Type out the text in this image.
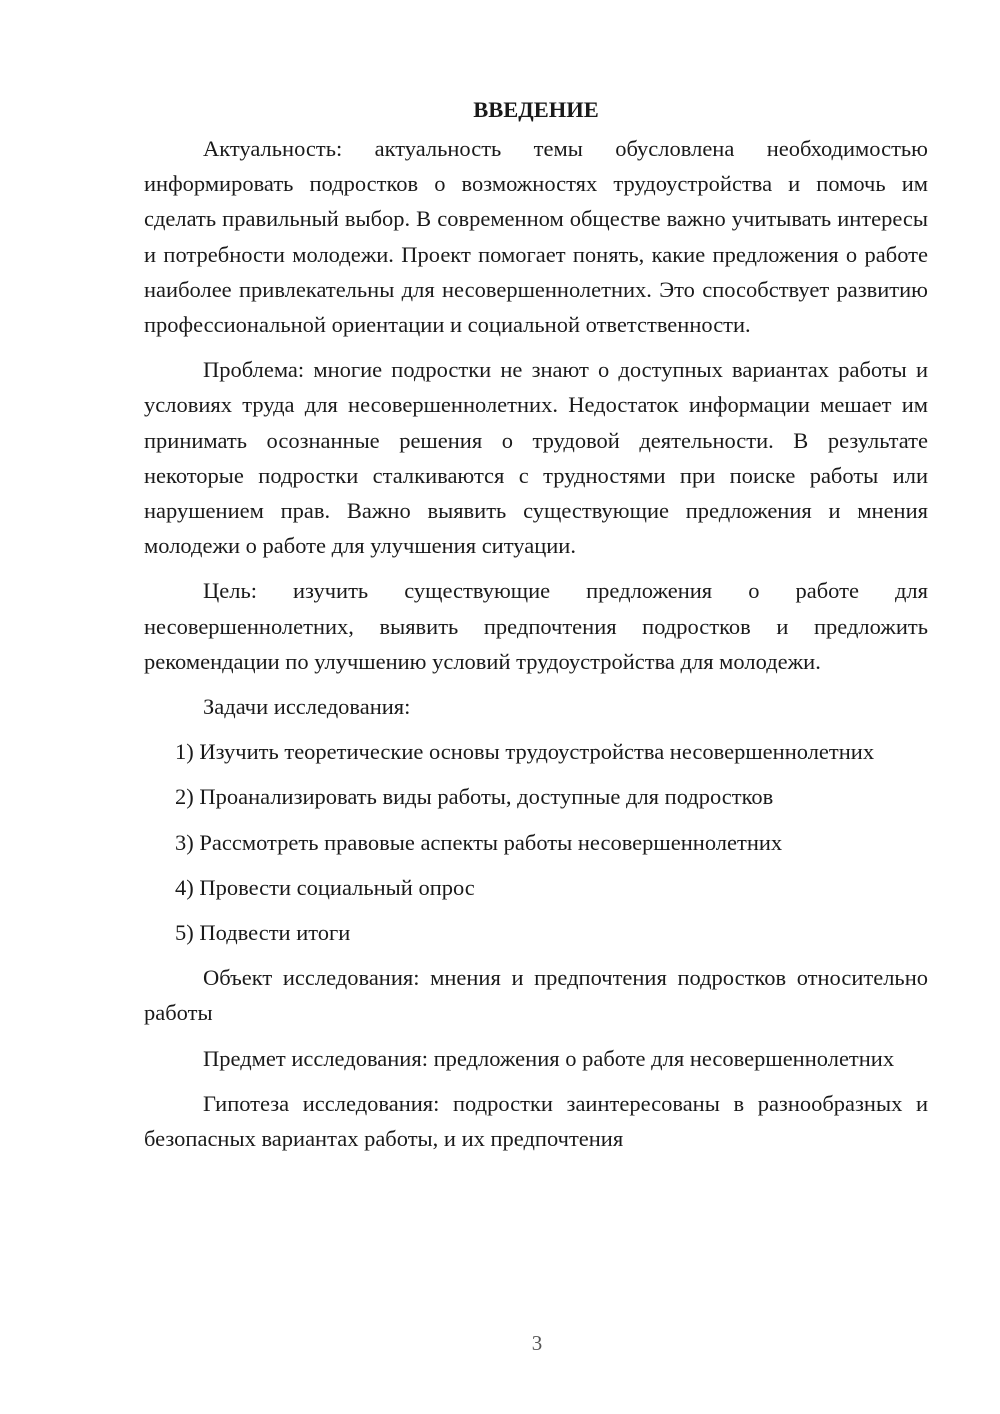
ВВЕДЕНИЕ

Актуальность: актуальность темы обусловлена необходимостью информировать подростков о возможностях трудоустройства и помочь им сделать правильный выбор. В современном обществе важно учитывать интересы и потребности молодежи. Проект помогает понять, какие предложения о работе наиболее привлекательны для несовершеннолетних. Это способствует развитию профессиональной ориентации и социальной ответственности.

Проблема: многие подростки не знают о доступных вариантах работы и условиях труда для несовершеннолетних. Недостаток информации мешает им принимать осознанные решения о трудовой деятельности. В результате некоторые подростки сталкиваются с трудностями при поиске работы или нарушением прав. Важно выявить существующие предложения и мнения молодежи о работе для улучшения ситуации.

Цель: изучить существующие предложения о работе для несовершеннолетних, выявить предпочтения подростков и предложить рекомендации по улучшению условий трудоустройства для молодежи.

Задачи исследования:

1) Изучить теоретические основы трудоустройства несовершеннолетних

2) Проанализировать виды работы, доступные для подростков

3) Рассмотреть правовые аспекты работы несовершеннолетних

4) Провести социальный опрос

5) Подвести итоги

Объект исследования: мнения и предпочтения подростков относительно работы

Предмет исследования: предложения о работе для несовершеннолетних

Гипотеза исследования: подростки заинтересованы в разнообразных и безопасных вариантах работы, и их предпочтения

3
